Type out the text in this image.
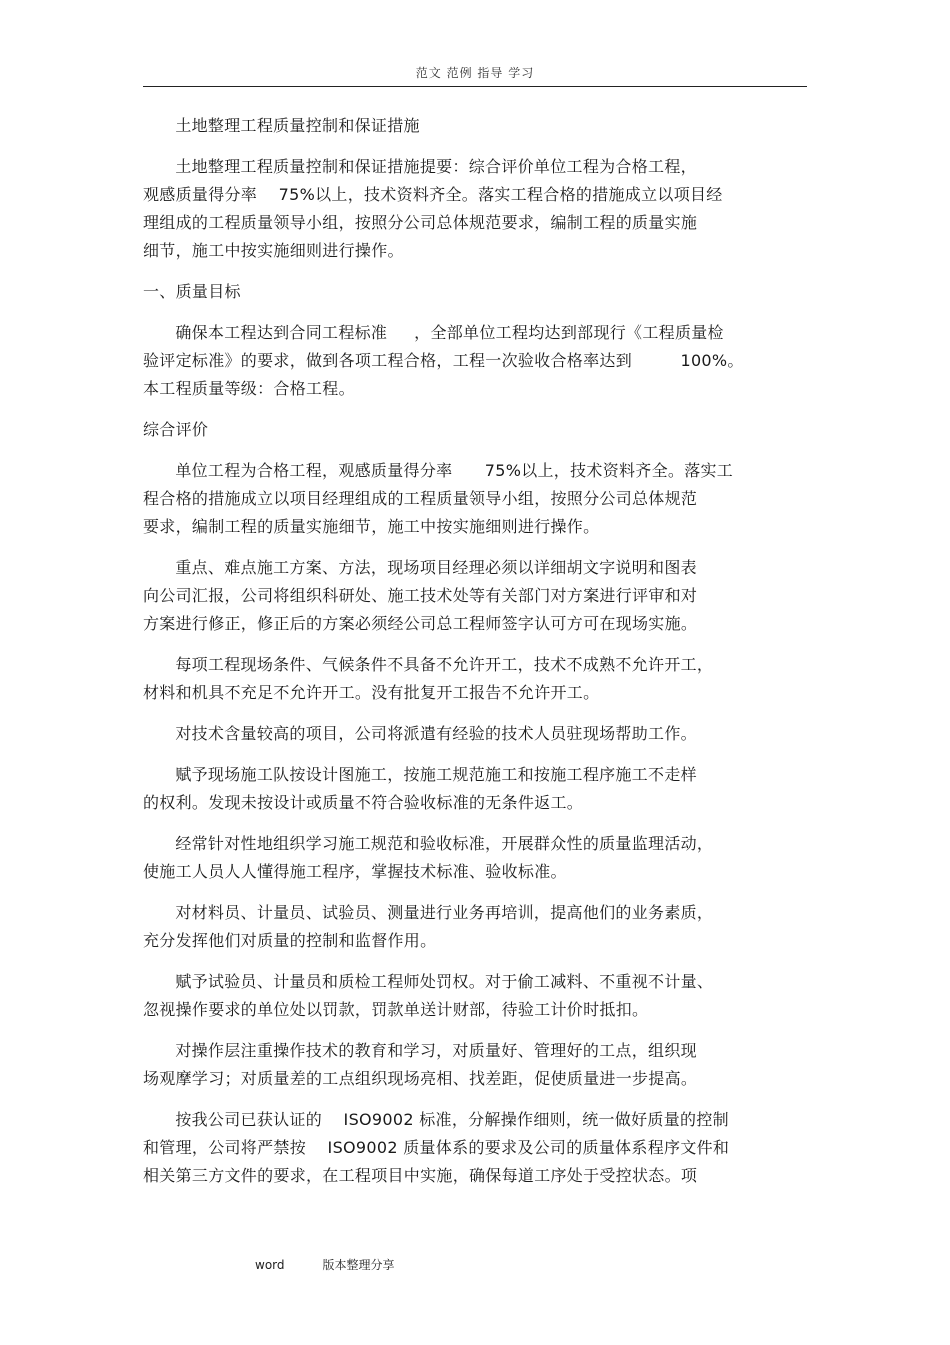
范文 范例 指导 学习
土地整理工程质量控制和保证措施
土地整理工程质量控制和保证措施提要：综合评价单位工程为合格工程，
观感质量得分率    75%以上，技术资料齐全。落实工程合格的措施成立以项目经
理组成的工程质量领导小组，按照分公司总体规范要求，编制工程的质量实施
细节，施工中按实施细则进行操作。
一、质量目标
确保本工程达到合同工程标准     ，全部单位工程均达到部现行《工程质量检
验评定标准》的要求，做到各项工程合格，工程一次验收合格率达到         100%。
本工程质量等级：合格工程。
综合评价
单位工程为合格工程，观感质量得分率      75%以上，技术资料齐全。落实工
程合格的措施成立以项目经理组成的工程质量领导小组，按照分公司总体规范
要求，编制工程的质量实施细节，施工中按实施细则进行操作。
重点、难点施工方案、方法，现场项目经理必须以详细胡文字说明和图表
向公司汇报，公司将组织科研处、施工技术处等有关部门对方案进行评审和对
方案进行修正，修正后的方案必须经公司总工程师签字认可方可在现场实施。
每项工程现场条件、气候条件不具备不允许开工，技术不成熟不允许开工，
材料和机具不充足不允许开工。没有批复开工报告不允许开工。
对技术含量较高的项目，公司将派遣有经验的技术人员驻现场帮助工作。
赋予现场施工队按设计图施工，按施工规范施工和按施工程序施工不走样
的权利。发现未按设计或质量不符合验收标准的无条件返工。
经常针对性地组织学习施工规范和验收标准，开展群众性的质量监理活动，
使施工人员人人懂得施工程序，掌握技术标准、验收标准。
对材料员、计量员、试验员、测量进行业务再培训，提高他们的业务素质，
充分发挥他们对质量的控制和监督作用。
赋予试验员、计量员和质检工程师处罚权。对于偷工减料、不重视不计量、
忽视操作要求的单位处以罚款，罚款单送计财部，待验工计价时抵扣。
对操作层注重操作技术的教育和学习，对质量好、管理好的工点，组织现
场观摩学习；对质量差的工点组织现场亮相、找差距，促使质量进一步提高。
按我公司已获认证的    ISO9002 标准，分解操作细则，统一做好质量的控制
和管理，公司将严禁按    ISO9002 质量体系的要求及公司的质量体系程序文件和
相关第三方文件的要求，在工程项目中实施，确保每道工序处于受控状态。项
word	版本整理分享
